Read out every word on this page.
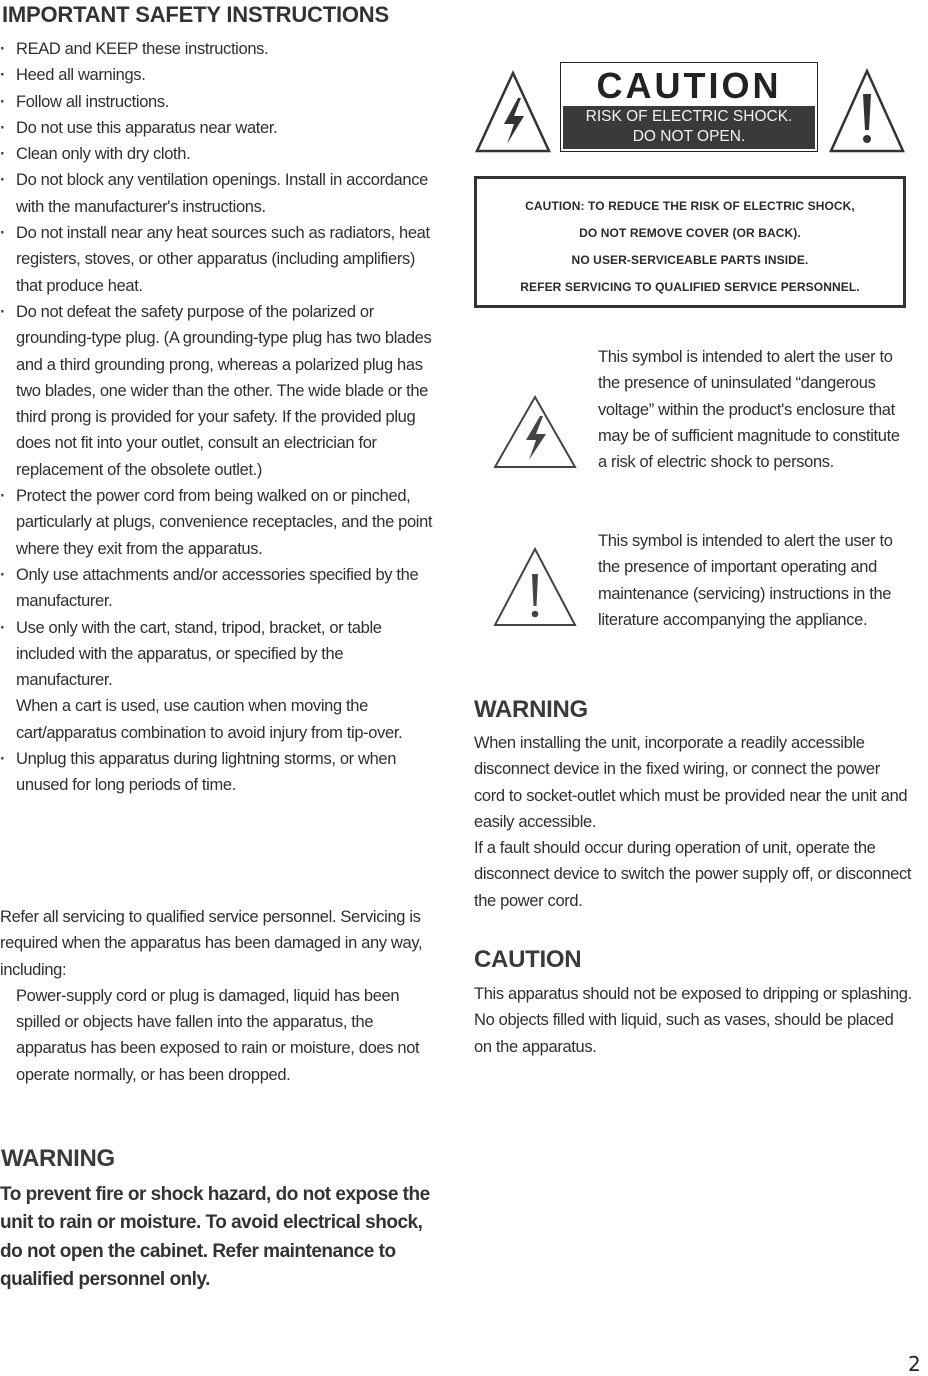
IMPORTANT SAFETY INSTRUCTIONS
· READ and KEEP these instructions.
· Heed all warnings.
· Follow all instructions.
· Do not use this apparatus near water.
· Clean only with dry cloth.
· Do not block any ventilation openings. Install in accordance with the manufacturer's instructions.
· Do not install near any heat sources such as radiators, heat registers, stoves, or other apparatus (including amplifiers) that produce heat.
· Do not defeat the safety purpose of the polarized or grounding-type plug. (A grounding-type plug has two blades and a third grounding prong, whereas a polarized plug has two blades, one wider than the other. The wide blade or the third prong is provided for your safety. If the provided plug does not fit into your outlet, consult an electrician for replacement of the obsolete outlet.)
· Protect the power cord from being walked on or pinched, particularly at plugs, convenience receptacles, and the point where they exit from the apparatus.
· Only use attachments and/or accessories specified by the manufacturer.
· Use only with the cart, stand, tripod, bracket, or table included with the apparatus, or specified by the manufacturer.
When a cart is used, use caution when moving the cart/apparatus combination to avoid injury from tip-over.
· Unplug this apparatus during lightning storms, or when unused for long periods of time.

Refer all servicing to qualified service personnel. Servicing is required when the apparatus has been damaged in any way, including:

Power-supply cord or plug is damaged, liquid has been spilled or objects have fallen into the apparatus, the apparatus has been exposed to rain or moisture, does not operate normally, or has been dropped.

WARNING

To prevent fire or shock hazard, do not expose the unit to rain or moisture. To avoid electrical shock, do not open the cabinet. Refer maintenance to qualified personnel only.

CAUTION
RISK OF ELECTRIC SHOCK.
DO NOT OPEN.
CAUTION: TO REDUCE THE RISK OF ELECTRIC SHOCK,
DO NOT REMOVE COVER (OR BACK).
NO USER-SERVICEABLE PARTS INSIDE.
REFER SERVICING TO QUALIFIED SERVICE PERSONNEL.

This symbol is intended to alert the user to the presence of uninsulated “dangerous voltage” within the product's enclosure that may be of sufficient magnitude to constitute a risk of electric shock to persons.

This symbol is intended to alert the user to the presence of important operating and maintenance (servicing) instructions in the literature accompanying the appliance.

WARNING
When installing the unit, incorporate a readily accessible disconnect device in the fixed wiring, or connect the power cord to socket-outlet which must be provided near the unit and easily accessible.
If a fault should occur during operation of unit, operate the disconnect device to switch the power supply off, or disconnect the power cord.
CAUTION

This apparatus should not be exposed to dripping or splashing. No objects filled with liquid, such as vases, should be placed on the apparatus.

2
